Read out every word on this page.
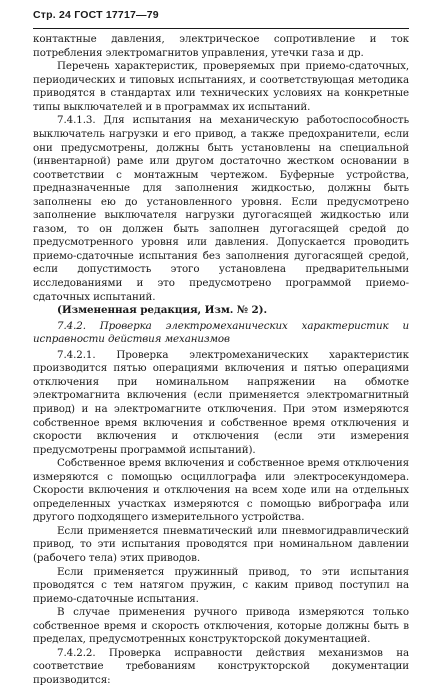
Стр. 24 ГОСТ 17717—79

контактные давления, электрическое сопротивление и ток потребления электромагнитов управления, утечки газа и др.

Перечень характеристик, проверяемых при приемо-сдаточных, периодических и типовых испытаниях, и соответствующая методика приводятся в стандартах или технических условиях на конкретные типы выключателей и в программах их испытаний.

7.4.1.3. Для испытания на механическую работоспособность выключатель нагрузки и его привод, а также предохранители, если они предусмотрены, должны быть установлены на специальной (инвентарной) раме или другом достаточно жестком основании в соответствии с монтажным чертежом. Буферные устройства, предназначенные для заполнения жидкостью, должны быть заполнены ею до установленного уровня. Если предусмотрено заполнение выключателя нагрузки дугогасящей жидкостью или газом, то он должен быть заполнен дугогасящей средой до предусмотренного уровня или давления. Допускается проводить приемо-сдаточные испытания без заполнения дугогасящей средой, если допустимость этого установлена предварительными исследованиями и это предусмотрено программой приемо-сдаточных испытаний.

(Измененная редакция, Изм. № 2).

7.4.2. Проверка электромеханических характеристик и исправности действия механизмов

7.4.2.1. Проверка электромеханических характеристик производится пятью операциями включения и пятью операциями отключения при номинальном напряжении на обмотке электромагнита включения (если применяется электромагнитный привод) и на электромагните отключения. При этом измеряются собственное время включения и собственное время отключения и скорости включения и отключения (если эти измерения предусмотрены программой испытаний).

Собственное время включения и собственное время отключения измеряются с помощью осциллографа или электросекундомера. Скорости включения и отключения на всем ходе или на отдельных определенных участках измеряются с помощью вибрографа или другого подходящего измерительного устройства.

Если применяется пневматический или пневмогидравлический привод, то эти испытания проводятся при номинальном давлении (рабочего тела) этих приводов.

Если применяется пружинный привод, то эти испытания проводятся с тем натягом пружин, с каким привод поступил на приемо-сдаточные испытания.

В случае применения ручного привода измеряются только собственное время и скорость отключения, которые должны быть в пределах, предусмотренных конструкторской документацией.

7.4.2.2. Проверка исправности действия механизмов на соответствие требованиям конструкторской документации производится:
